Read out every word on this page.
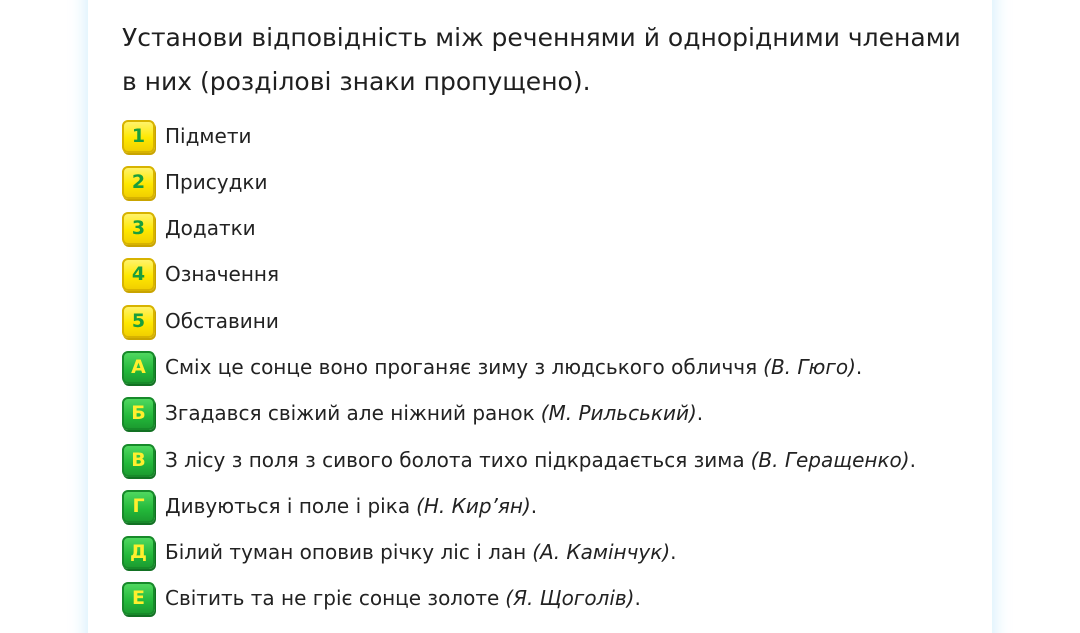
Установи відповідність між реченнями й однорідними членами в них (розділові знаки пропущено).

1 Підмети
2 Присудки
3 Додатки
4 Означення
5 Обставини
А Сміх це сонце воно проганяє зиму з людського обличчя (В. Гюго) .
Б Згадався свіжий але ніжний ранок (М. Рильський) .
В З лісу з поля з сивого болота тихо підкрадається зима (В. Геращенко) .
Г	Дивуються і поле і ріка (Н. Кир’ян) .
Д Білий туман оповив річку ліс і лан (А. Камінчук) .
Е	Світить та не гріє сонце золоте (Я. Щоголів) .
